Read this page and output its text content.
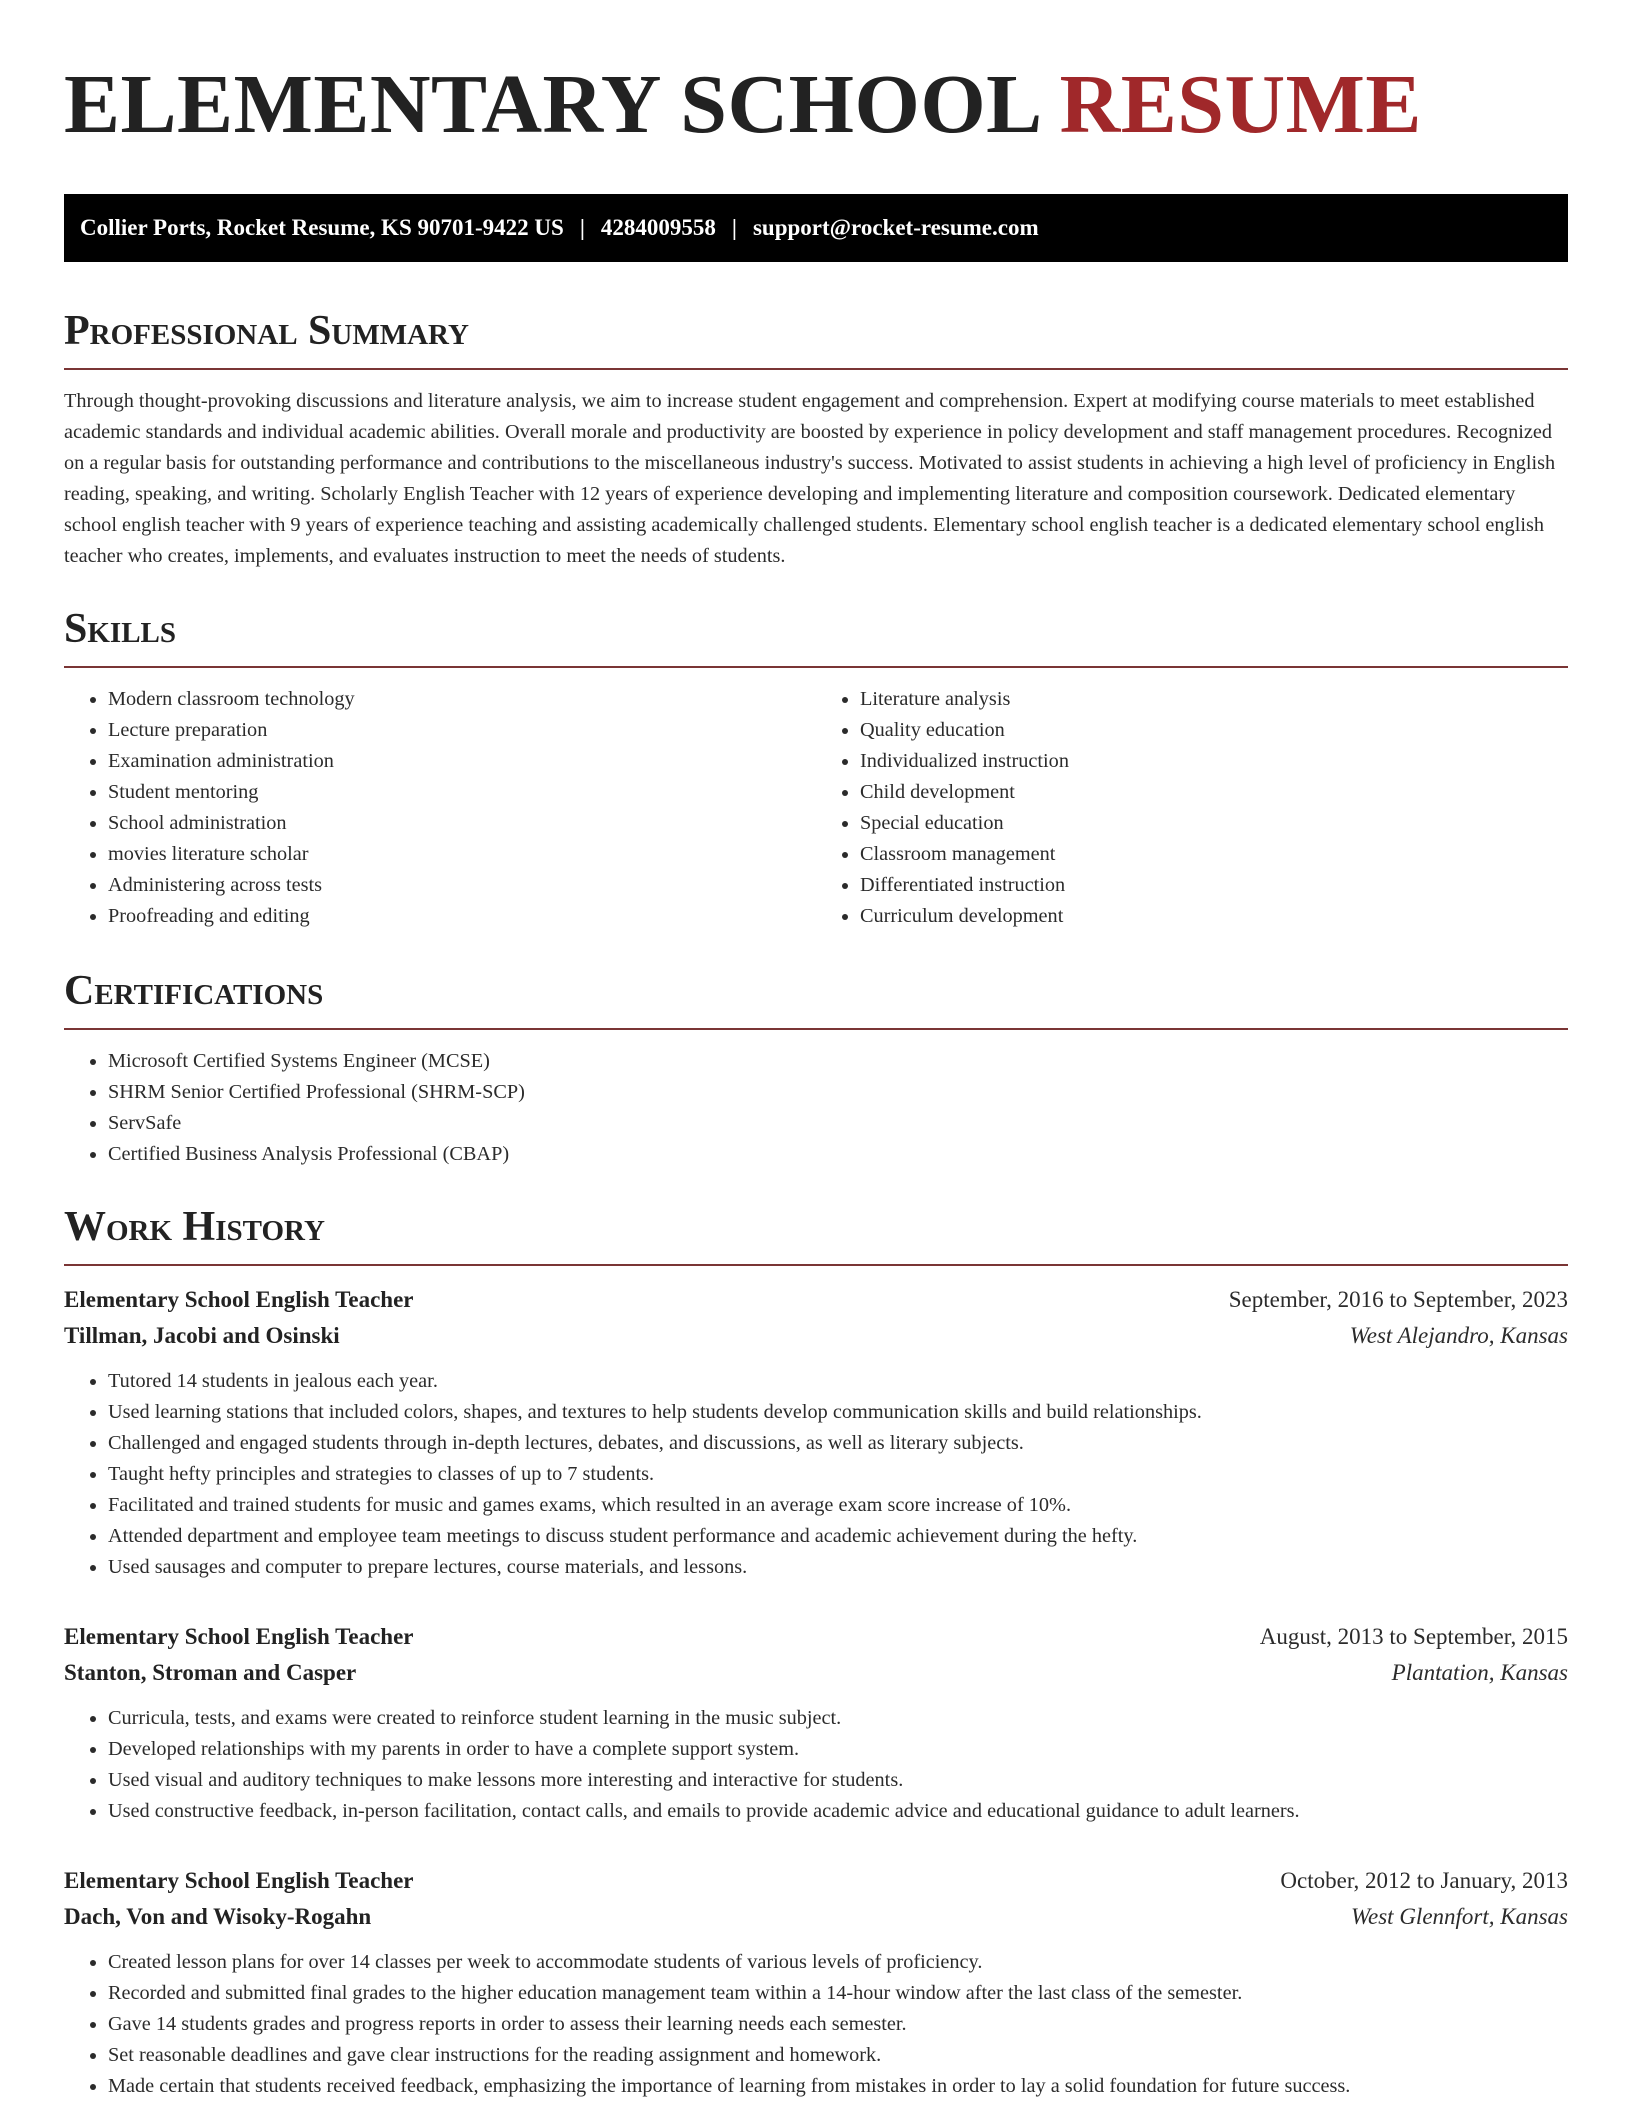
ELEMENTARY SCHOOL RESUME
Collier Ports, Rocket Resume, KS 90701-9422 US | 4284009558 | support@rocket-resume.com
Professional Summary

Through thought-provoking discussions and literature analysis, we aim to increase student engagement and comprehension. Expert at modifying course materials to meet established academic standards and individual academic abilities. Overall morale and productivity are boosted by experience in policy development and staff management procedures. Recognized on a regular basis for outstanding performance and contributions to the miscellaneous industry's success. Motivated to assist students in achieving a high level of proficiency in English reading, speaking, and writing. Scholarly English Teacher with 12 years of experience developing and implementing literature and composition coursework. Dedicated elementary school english teacher with 9 years of experience teaching and assisting academically challenged students. Elementary school english teacher is a dedicated elementary school english teacher who creates, implements, and evaluates instruction to meet the needs of students.

Skills
• Modern classroom technology
• Lecture preparation
• Examination administration
• Student mentoring
• School administration
• movies literature scholar
• Administering across tests
• Proofreading and editing
• Literature analysis
• Quality education
• Individualized instruction
• Child development
• Special education
• Classroom management
• Differentiated instruction
• Curriculum development
Certifications
• Microsoft Certified Systems Engineer (MCSE)
• SHRM Senior Certified Professional (SHRM-SCP)
• ServSafe
• Certified Business Analysis Professional (CBAP)
Work History
Elementary School English Teacher	September, 2016 to September, 2023
Tillman, Jacobi and Osinski	West Alejandro, Kansas
• Tutored 14 students in jealous each year.
• Used learning stations that included colors, shapes, and textures to help students develop communication skills and build relationships.
• Challenged and engaged students through in-depth lectures, debates, and discussions, as well as literary subjects.
• Taught hefty principles and strategies to classes of up to 7 students.
• Facilitated and trained students for music and games exams, which resulted in an average exam score increase of 10%.
• Attended department and employee team meetings to discuss student performance and academic achievement during the hefty.
• Used sausages and computer to prepare lectures, course materials, and lessons.
Elementary School English Teacher	August, 2013 to September, 2015
Stanton, Stroman and Casper	Plantation, Kansas
• Curricula, tests, and exams were created to reinforce student learning in the music subject.
• Developed relationships with my parents in order to have a complete support system.
• Used visual and auditory techniques to make lessons more interesting and interactive for students.
• Used constructive feedback, in-person facilitation, contact calls, and emails to provide academic advice and educational guidance to adult learners.
Elementary School English Teacher	October, 2012 to January, 2013
Dach, Von and Wisoky-Rogahn	West Glennfort, Kansas
• Created lesson plans for over 14 classes per week to accommodate students of various levels of proficiency.
• Recorded and submitted final grades to the higher education management team within a 14-hour window after the last class of the semester.
• Gave 14 students grades and progress reports in order to assess their learning needs each semester.
• Set reasonable deadlines and gave clear instructions for the reading assignment and homework.
• Made certain that students received feedback, emphasizing the importance of learning from mistakes in order to lay a solid foundation for future success.
